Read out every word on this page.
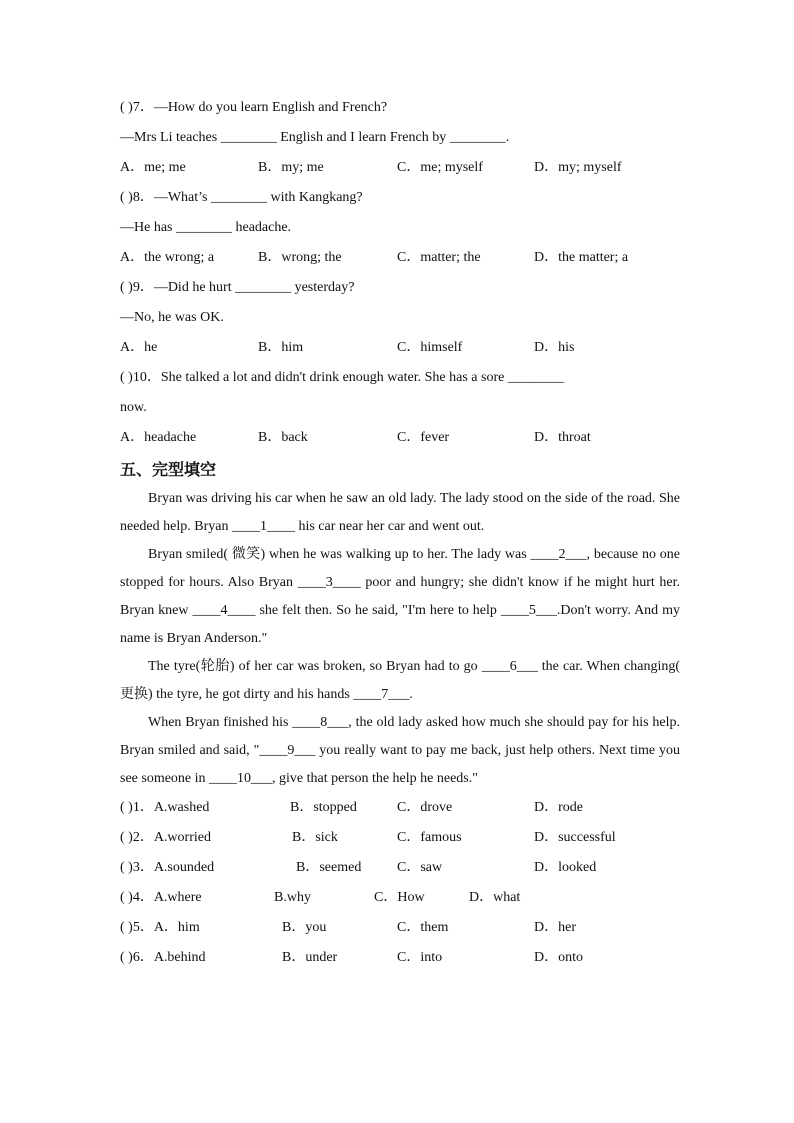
( )7．—How do you learn English and French?
—Mrs Li teaches ________ English and I learn French by ________.
A．me; me	B．my; me	C．me; myself	D．my; myself
( )8．—What’s ________ with Kangkang?
—He has ________ headache.
A．the wrong; a	B．wrong; the	C．matter; the	D．the matter; a
( )9．—Did he hurt ________ yesterday?
—No, he was OK.
A．he	B．him	C．himself	D．his
( )10．She talked a lot and didn't drink enough water. She has a sore ________
now.
A．headache	B．back	C．fever	D．throat
五、完型填空
Bryan was driving his car when he saw an old lady. The lady stood on the side of the road. She needed help. Bryan ____1____ his car near her car and went out.
Bryan smiled( 微笑) when he was walking up to her. The lady was ____2___, because no one stopped for hours. Also Bryan ____3____ poor and hungry; she didn't know if he might hurt her. Bryan knew ____4____ she felt then. So he said, "I'm here to help ____5___.Don't worry. And my name is Bryan Anderson."
The tyre(轮胎) of her car was broken, so Bryan had to go ____6___ the car. When changing( 更换) the tyre, he got dirty and his hands ____7___.
When Bryan finished his ____8___, the old lady asked how much she should pay for his help. Bryan smiled and said, "____9___ you really want to pay me back, just help others. Next time you see someone in ____10___, give that person the help he needs."
( )1．A.washed	B．stopped	C．drove	D．rode
( )2．A.worried	B．sick	C．famous	D．successful
( )3．A.sounded	B．seemed	C．saw	D．looked
( )4．A.where	B.why	C．How	D．what
( )5．A．him	B．you	C．them	D．her
( )6．A.behind	B．under	C．into	D．onto
